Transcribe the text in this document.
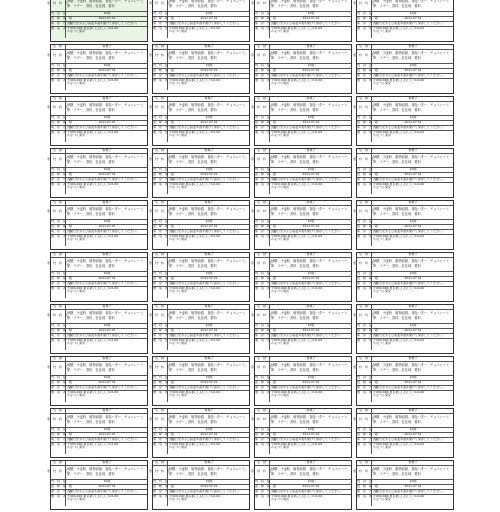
原 材 料 名
砂糖、小麦粉、植物油脂、食塩バター、チョコレート、卵、ラザー、香料、乳化剤、着料
内 容 量	10個
賞 味 期 限	2021.07.01
保 存 方 法
直射日光および高温多湿を避けて保存してください。
製 造 者 〒000-000 東京都〇〇区〇〇 0-0-00
ちなつて菓房
原 材 料 名
砂糖、小麦粉、植物油脂、食塩バター、チョコレート、卵、ラザー、香料、乳化剤、着料
内 容 量	10個
賞 味 期 限	2021.07.01
保 存 方 法
直射日光および高温多湿を避けて保存してください。
製 造 者 〒000-000 東京都〇〇区〇〇 0-0-00
ちなつて菓房
原 材 料 名
砂糖、小麦粉、植物油脂、食塩バター、チョコレート、卵、ラザー、香料、乳化剤、着料
内 容 量	10個
賞 味 期 限	2021.07.01
保 存 方 法
直射日光および高温多湿を避けて保存してください。
製 造 者 〒000-000 東京都〇〇区〇〇 0-0-00
ちなつて菓房
原 材 料 名
砂糖、小麦粉、植物油脂、食塩バター、チョコレート、卵、ラザー、香料、乳化剤、着料
内 容 量	10個
賞 味 期 限	2021.07.01
保 存 方 法
直射日光および高温多湿を避けて保存してください。
製 造 者 〒000-000 東京都〇〇区〇〇 0-0-00
ちなつて菓房
名 称	焼菓子
原 材 料 名
砂糖、小麦粉、植物油脂、食塩バター、チョコレート、卵、ラザー、香料、乳化剤、着料
内 容 量	10個
賞 味 期 限	2021.07.01
保 存 方 法
直射日光および高温多湿を避けて保存してください。
製 造 者 〒000-000 東京都〇〇区〇〇 0-0-00
ちなつて菓房
名 称	焼菓子
原 材 料 名
砂糖、小麦粉、植物油脂、食塩バター、チョコレート、卵、ラザー、香料、乳化剤、着料
内 容 量	10個
賞 味 期 限	2021.07.01
保 存 方 法
直射日光および高温多湿を避けて保存してください。
製 造 者 〒000-000 東京都〇〇区〇〇 0-0-00
ちなつて菓房
名 称	焼菓子
原 材 料 名
砂糖、小麦粉、植物油脂、食塩バター、チョコレート、卵、ラザー、香料、乳化剤、着料
内 容 量	10個
賞 味 期 限	2021.07.01
保 存 方 法
直射日光および高温多湿を避けて保存してください。
製 造 者 〒000-000 東京都〇〇区〇〇 0-0-00
ちなつて菓房
名 称	焼菓子
原 材 料 名
砂糖、小麦粉、植物油脂、食塩バター、チョコレート、卵、ラザー、香料、乳化剤、着料
内 容 量	10個
賞 味 期 限	2021.07.01
保 存 方 法
直射日光および高温多湿を避けて保存してください。
製 造 者 〒000-000 東京都〇〇区〇〇 0-0-00
ちなつて菓房
名 称	焼菓子
原 材 料 名
砂糖、小麦粉、植物油脂、食塩バター、チョコレート、卵、ラザー、香料、乳化剤、着料
内 容 量	10個
賞 味 期 限	2021.07.01
保 存 方 法
直射日光および高温多湿を避けて保存してください。
製 造 者 〒000-000 東京都〇〇区〇〇 0-0-00
ちなつて菓房
名 称	焼菓子
原 材 料 名
砂糖、小麦粉、植物油脂、食塩バター、チョコレート、卵、ラザー、香料、乳化剤、着料
内 容 量	10個
賞 味 期 限	2021.07.01
保 存 方 法
直射日光および高温多湿を避けて保存してください。
製 造 者 〒000-000 東京都〇〇区〇〇 0-0-00
ちなつて菓房
名 称	焼菓子
原 材 料 名
砂糖、小麦粉、植物油脂、食塩バター、チョコレート、卵、ラザー、香料、乳化剤、着料
内 容 量	10個
賞 味 期 限	2021.07.01
保 存 方 法
直射日光および高温多湿を避けて保存してください。
製 造 者 〒000-000 東京都〇〇区〇〇 0-0-00
ちなつて菓房
名 称	焼菓子
原 材 料 名
砂糖、小麦粉、植物油脂、食塩バター、チョコレート、卵、ラザー、香料、乳化剤、着料
内 容 量	10個
賞 味 期 限	2021.07.01
保 存 方 法
直射日光および高温多湿を避けて保存してください。
製 造 者 〒000-000 東京都〇〇区〇〇 0-0-00
ちなつて菓房
名 称	焼菓子
原 材 料 名
砂糖、小麦粉、植物油脂、食塩バター、チョコレート、卵、ラザー、香料、乳化剤、着料
内 容 量	10個
賞 味 期 限	2021.07.01
保 存 方 法
直射日光および高温多湿を避けて保存してください。
製 造 者 〒000-000 東京都〇〇区〇〇 0-0-00
ちなつて菓房
名 称	焼菓子
原 材 料 名
砂糖、小麦粉、植物油脂、食塩バター、チョコレート、卵、ラザー、香料、乳化剤、着料
内 容 量	10個
賞 味 期 限	2021.07.01
保 存 方 法
直射日光および高温多湿を避けて保存してください。
製 造 者 〒000-000 東京都〇〇区〇〇 0-0-00
ちなつて菓房
名 称	焼菓子
原 材 料 名
砂糖、小麦粉、植物油脂、食塩バター、チョコレート、卵、ラザー、香料、乳化剤、着料
内 容 量	10個
賞 味 期 限	2021.07.01
保 存 方 法
直射日光および高温多湿を避けて保存してください。
製 造 者 〒000-000 東京都〇〇区〇〇 0-0-00
ちなつて菓房
名 称	焼菓子
原 材 料 名
砂糖、小麦粉、植物油脂、食塩バター、チョコレート、卵、ラザー、香料、乳化剤、着料
内 容 量	10個
賞 味 期 限	2021.07.01
保 存 方 法
直射日光および高温多湿を避けて保存してください。
製 造 者 〒000-000 東京都〇〇区〇〇 0-0-00
ちなつて菓房
名 称	焼菓子
原 材 料 名
砂糖、小麦粉、植物油脂、食塩バター、チョコレート、卵、ラザー、香料、乳化剤、着料
内 容 量	10個
賞 味 期 限	2021.07.01
保 存 方 法
直射日光および高温多湿を避けて保存してください。
製 造 者 〒000-000 東京都〇〇区〇〇 0-0-00
ちなつて菓房
名 称	焼菓子
原 材 料 名
砂糖、小麦粉、植物油脂、食塩バター、チョコレート、卵、ラザー、香料、乳化剤、着料
内 容 量	10個
賞 味 期 限	2021.07.01
保 存 方 法
直射日光および高温多湿を避けて保存してください。
製 造 者 〒000-000 東京都〇〇区〇〇 0-0-00
ちなつて菓房
名 称	焼菓子
原 材 料 名
砂糖、小麦粉、植物油脂、食塩バター、チョコレート、卵、ラザー、香料、乳化剤、着料
内 容 量	10個
賞 味 期 限	2021.07.01
保 存 方 法
直射日光および高温多湿を避けて保存してください。
製 造 者 〒000-000 東京都〇〇区〇〇 0-0-00
ちなつて菓房
名 称	焼菓子
原 材 料 名
砂糖、小麦粉、植物油脂、食塩バター、チョコレート、卵、ラザー、香料、乳化剤、着料
内 容 量	10個
賞 味 期 限	2021.07.01
保 存 方 法
直射日光および高温多湿を避けて保存してください。
製 造 者 〒000-000 東京都〇〇区〇〇 0-0-00
ちなつて菓房
名 称	焼菓子
原 材 料 名
砂糖、小麦粉、植物油脂、食塩バター、チョコレート、卵、ラザー、香料、乳化剤、着料
内 容 量	10個
賞 味 期 限	2021.07.01
保 存 方 法
直射日光および高温多湿を避けて保存してください。
製 造 者 〒000-000 東京都〇〇区〇〇 0-0-00
ちなつて菓房
名 称	焼菓子
原 材 料 名
砂糖、小麦粉、植物油脂、食塩バター、チョコレート、卵、ラザー、香料、乳化剤、着料
内 容 量	10個
賞 味 期 限	2021.07.01
保 存 方 法
直射日光および高温多湿を避けて保存してください。
製 造 者 〒000-000 東京都〇〇区〇〇 0-0-00
ちなつて菓房
名 称	焼菓子
原 材 料 名
砂糖、小麦粉、植物油脂、食塩バター、チョコレート、卵、ラザー、香料、乳化剤、着料
内 容 量	10個
賞 味 期 限	2021.07.01
保 存 方 法
直射日光および高温多湿を避けて保存してください。
製 造 者 〒000-000 東京都〇〇区〇〇 0-0-00
ちなつて菓房
名 称	焼菓子
原 材 料 名
砂糖、小麦粉、植物油脂、食塩バター、チョコレート、卵、ラザー、香料、乳化剤、着料
内 容 量	10個
賞 味 期 限	2021.07.01
保 存 方 法
直射日光および高温多湿を避けて保存してください。
製 造 者 〒000-000 東京都〇〇区〇〇 0-0-00
ちなつて菓房
名 称	焼菓子
原 材 料 名
砂糖、小麦粉、植物油脂、食塩バター、チョコレート、卵、ラザー、香料、乳化剤、着料
内 容 量	10個
賞 味 期 限	2021.07.01
保 存 方 法
直射日光および高温多湿を避けて保存してください。
製 造 者 〒000-000 東京都〇〇区〇〇 0-0-00
ちなつて菓房
名 称	焼菓子
原 材 料 名
砂糖、小麦粉、植物油脂、食塩バター、チョコレート、卵、ラザー、香料、乳化剤、着料
内 容 量	10個
賞 味 期 限	2021.07.01
保 存 方 法
直射日光および高温多湿を避けて保存してください。
製 造 者 〒000-000 東京都〇〇区〇〇 0-0-00
ちなつて菓房
名 称	焼菓子
原 材 料 名
砂糖、小麦粉、植物油脂、食塩バター、チョコレート、卵、ラザー、香料、乳化剤、着料
内 容 量	10個
賞 味 期 限	2021.07.01
保 存 方 法
直射日光および高温多湿を避けて保存してください。
製 造 者 〒000-000 東京都〇〇区〇〇 0-0-00
ちなつて菓房
名 称	焼菓子
原 材 料 名
砂糖、小麦粉、植物油脂、食塩バター、チョコレート、卵、ラザー、香料、乳化剤、着料
内 容 量	10個
賞 味 期 限	2021.07.01
保 存 方 法
直射日光および高温多湿を避けて保存してください。
製 造 者 〒000-000 東京都〇〇区〇〇 0-0-00
ちなつて菓房
名 称	焼菓子
原 材 料 名
砂糖、小麦粉、植物油脂、食塩バター、チョコレート、卵、ラザー、香料、乳化剤、着料
内 容 量	10個
賞 味 期 限	2021.07.01
保 存 方 法
直射日光および高温多湿を避けて保存してください。
製 造 者 〒000-000 東京都〇〇区〇〇 0-0-00
ちなつて菓房
名 称	焼菓子
原 材 料 名
砂糖、小麦粉、植物油脂、食塩バター、チョコレート、卵、ラザー、香料、乳化剤、着料
内 容 量	10個
賞 味 期 限	2021.07.01
保 存 方 法
直射日光および高温多湿を避けて保存してください。
製 造 者 〒000-000 東京都〇〇区〇〇 0-0-00
ちなつて菓房
名 称	焼菓子
原 材 料 名
砂糖、小麦粉、植物油脂、食塩バター、チョコレート、卵、ラザー、香料、乳化剤、着料
内 容 量	10個
賞 味 期 限	2021.07.01
保 存 方 法
直射日光および高温多湿を避けて保存してください。
製 造 者 〒000-000 東京都〇〇区〇〇 0-0-00
ちなつて菓房
名 称	焼菓子
原 材 料 名
砂糖、小麦粉、植物油脂、食塩バター、チョコレート、卵、ラザー、香料、乳化剤、着料
内 容 量	10個
賞 味 期 限	2021.07.01
保 存 方 法
直射日光および高温多湿を避けて保存してください。
製 造 者 〒000-000 東京都〇〇区〇〇 0-0-00
ちなつて菓房
名 称	焼菓子
原 材 料 名
砂糖、小麦粉、植物油脂、食塩バター、チョコレート、卵、ラザー、香料、乳化剤、着料
内 容 量	10個
賞 味 期 限	2021.07.01
保 存 方 法
直射日光および高温多湿を避けて保存してください。
製 造 者 〒000-000 東京都〇〇区〇〇 0-0-00
ちなつて菓房
名 称	焼菓子
原 材 料 名
砂糖、小麦粉、植物油脂、食塩バター、チョコレート、卵、ラザー、香料、乳化剤、着料
内 容 量	10個
賞 味 期 限	2021.07.01
保 存 方 法
直射日光および高温多湿を避けて保存してください。
製 造 者 〒000-000 東京都〇〇区〇〇 0-0-00
ちなつて菓房
名 称	焼菓子
原 材 料 名
砂糖、小麦粉、植物油脂、食塩バター、チョコレート、卵、ラザー、香料、乳化剤、着料
内 容 量	10個
賞 味 期 限	2021.07.01
保 存 方 法
直射日光および高温多湿を避けて保存してください。
製 造 者 〒000-000 東京都〇〇区〇〇 0-0-00
ちなつて菓房
名 称	焼菓子
原 材 料 名
砂糖、小麦粉、植物油脂、食塩バター、チョコレート、卵、ラザー、香料、乳化剤、着料
内 容 量	10個
賞 味 期 限	2021.07.01
保 存 方 法
直射日光および高温多湿を避けて保存してください。
製 造 者 〒000-000 東京都〇〇区〇〇 0-0-00
ちなつて菓房
名 称	焼菓子
原 材 料 名
砂糖、小麦粉、植物油脂、食塩バター、チョコレート、卵、ラザー、香料、乳化剤、着料
内 容 量	10個
賞 味 期 限	2021.07.01
保 存 方 法
直射日光および高温多湿を避けて保存してください。
製 造 者 〒000-000 東京都〇〇区〇〇 0-0-00
ちなつて菓房
名 称	焼菓子
原 材 料 名
砂糖、小麦粉、植物油脂、食塩バター、チョコレート、卵、ラザー、香料、乳化剤、着料
内 容 量	10個
賞 味 期 限	2021.07.01
保 存 方 法
直射日光および高温多湿を避けて保存してください。
製 造 者 〒000-000 東京都〇〇区〇〇 0-0-00
ちなつて菓房
名 称	焼菓子
原 材 料 名
砂糖、小麦粉、植物油脂、食塩バター、チョコレート、卵、ラザー、香料、乳化剤、着料
内 容 量	10個
賞 味 期 限	2021.07.01
保 存 方 法
直射日光および高温多湿を避けて保存してください。
製 造 者 〒000-000 東京都〇〇区〇〇 0-0-00
ちなつて菓房
名 称	焼菓子
原 材 料 名
砂糖、小麦粉、植物油脂、食塩バター、チョコレート、卵、ラザー、香料、乳化剤、着料
内 容 量	10個
賞 味 期 限	2021.07.01
保 存 方 法
直射日光および高温多湿を避けて保存してください。
製 造 者 〒000-000 東京都〇〇区〇〇 0-0-00
ちなつて菓房
